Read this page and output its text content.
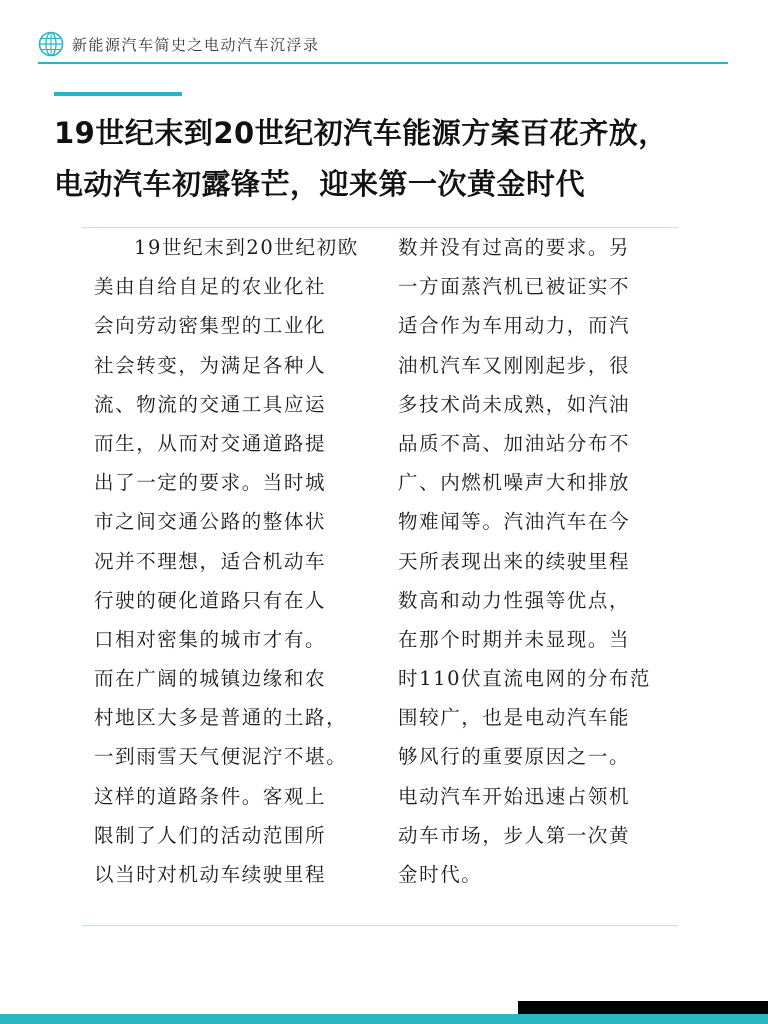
新能源汽车简史之电动汽车沉浮录
19世纪末到20世纪初汽车能源方案百花齐放，
电动汽车初露锋芒，迎来第一次黄金时代
19世纪末到20世纪初欧
美由自给自足的农业化社
会向劳动密集型的工业化
社会转变，为满足各种人
流、物流的交通工具应运
而生，从而对交通道路提
出了一定的要求。当时城
市之间交通公路的整体状
况并不理想，适合机动车
行驶的硬化道路只有在人
口相对密集的城市才有。
而在广阔的城镇边缘和农
村地区大多是普通的土路，
一到雨雪天气便泥泞不堪。
这样的道路条件。客观上
限制了人们的活动范围所
以当时对机动车续驶里程
数并没有过高的要求。另
一方面蒸汽机已被证实不
适合作为车用动力，而汽
油机汽车又刚刚起步，很
多技术尚未成熟，如汽油
品质不高、加油站分布不
广、内燃机噪声大和排放
物难闻等。汽油汽车在今
天所表现出来的续驶里程
数高和动力性强等优点，
在那个时期并未显现。当
时110伏直流电网的分布范
围较广，也是电动汽车能
够风行的重要原因之一。
电动汽车开始迅速占领机
动车市场，步人第一次黄
金时代。
